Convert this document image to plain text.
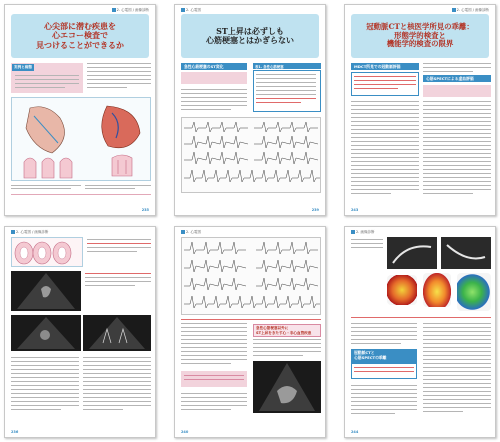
2. 心電図 / 画像診断
心尖部に潜む疾患を
心エコー検査で
見つけることができるか
実例と病態
235
2. 心電図
ST上昇は必ずしも
心筋梗塞とはかぎらない
急性心筋梗塞のST変化	表1. 急性心筋梗塞
239
2. 心電図 / 画像診断
冠動脈CTと核医学所見の乖離：
形態学的検査と
機能学的検査の限界
MDCT所見での冠動脈評価
心筋SPECTによる虚血評価
243
2. 心電図 / 画像診断
236
2. 心電図
急性心筋梗塞以外に
ST上昇をきたす心・非心血管疾患
240
2. 画像診断
冠動脈CTと
心筋SPECTの乖離
244
